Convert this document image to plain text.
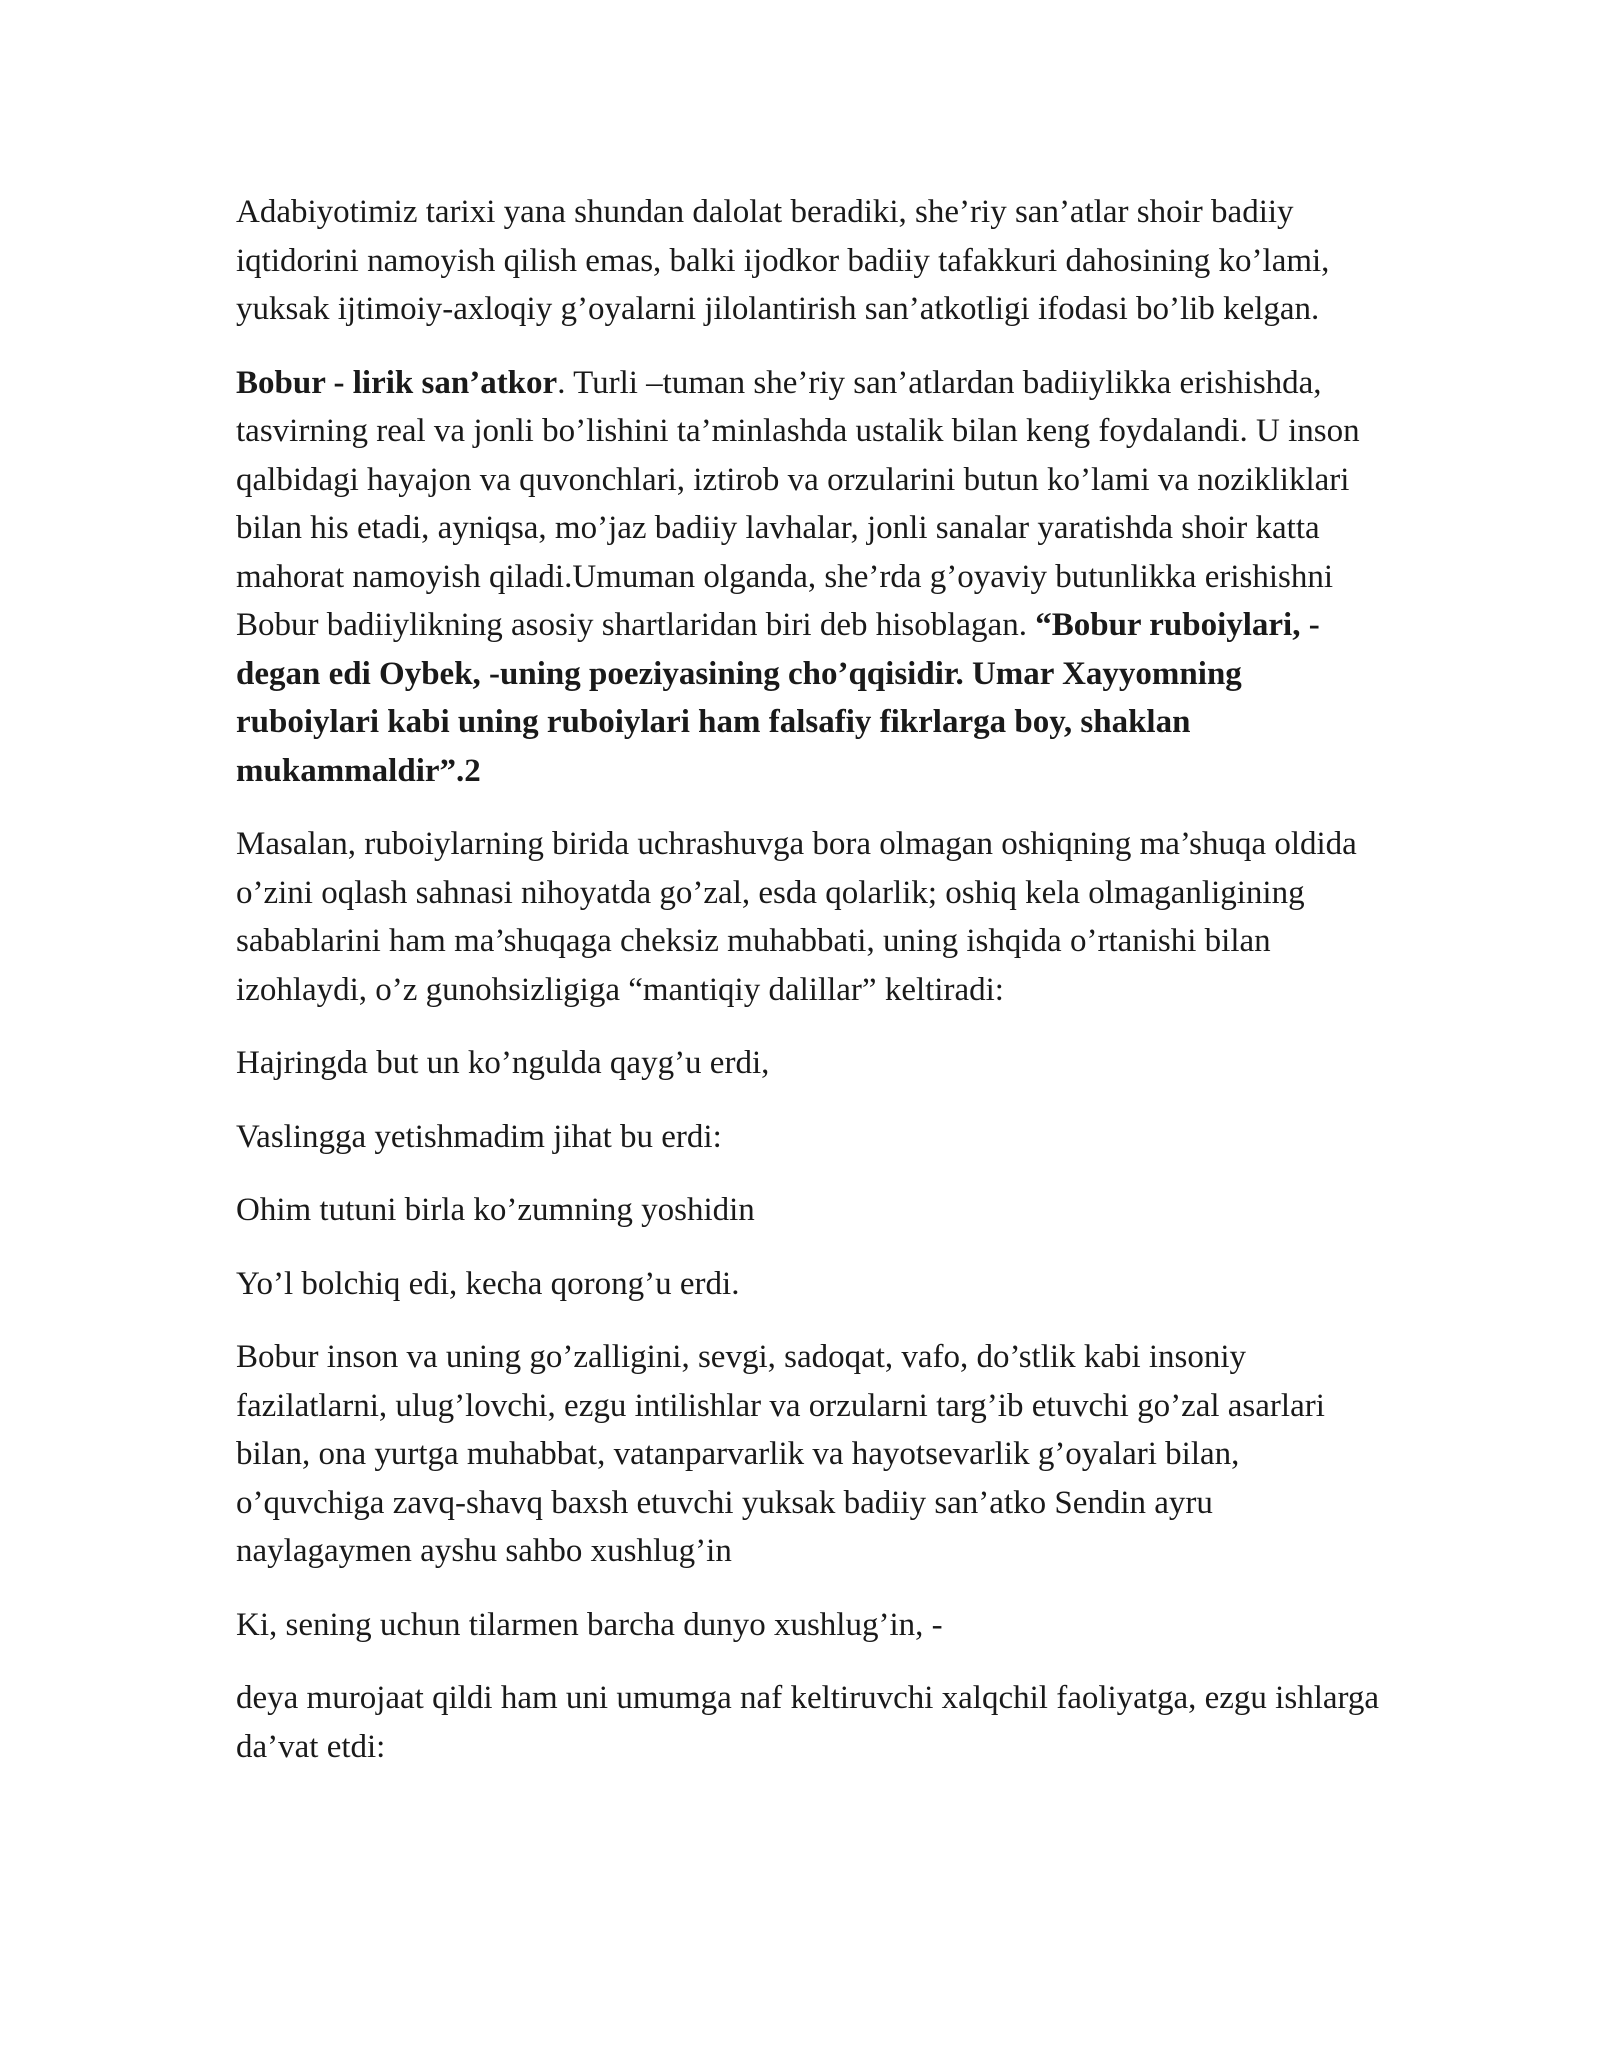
Adabiyotimiz tarixi yana shundan dalolat beradiki, she’riy san’atlar shoir badiiy iqtidorini namoyish qilish emas, balki ijodkor badiiy tafakkuri dahosining ko’lami, yuksak ijtimoiy-axloqiy g’oyalarni jilolantirish san’atkotligi ifodasi bo’lib kelgan.

Bobur - lirik san’atkor. Turli –tuman she’riy san’atlardan badiiylikka erishishda, tasvirning real va jonli bo’lishini ta’minlashda ustalik bilan keng foydalandi. U inson qalbidagi hayajon va quvonchlari, iztirob va orzularini butun ko’lami va nozikliklari bilan his etadi, ayniqsa, mo’jaz badiiy lavhalar, jonli sanalar yaratishda shoir katta mahorat namoyish qiladi.Umuman olganda, she’rda g’oyaviy butunlikka erishishni Bobur badiiylikning asosiy shartlaridan biri deb hisoblagan. “Bobur ruboiylari, - degan edi Oybek, -uning poeziyasining cho’qqisidir. Umar Xayyomning ruboiylari kabi uning ruboiylari ham falsafiy fikrlarga boy, shaklan mukammaldir”.2

Masalan, ruboiylarning birida uchrashuvga bora olmagan oshiqning ma’shuqa oldida o’zini oqlash sahnasi nihoyatda go’zal, esda qolarlik; oshiq kela olmaganligining sabablarini ham ma’shuqaga cheksiz muhabbati, uning ishqida o’rtanishi bilan izohlaydi, o’z gunohsizligiga “mantiqiy dalillar” keltiradi:

Hajringda but un ko’ngulda qayg’u erdi,

Vaslingga yetishmadim jihat bu erdi:

Ohim tutuni birla ko’zumning yoshidin

Yo’l bolchiq edi, kecha qorong’u erdi.

Bobur inson va uning go’zalligini, sevgi, sadoqat, vafo, do’stlik kabi insoniy fazilatlarni, ulug’lovchi, ezgu intilishlar va orzularni targ’ib etuvchi go’zal asarlari bilan, ona yurtga muhabbat, vatanparvarlik va hayotsevarlik g’oyalari bilan, o’quvchiga zavq-shavq baxsh etuvchi yuksak badiiy san’atko Sendin ayru naylagaymen ayshu sahbo xushlug’in

Ki, sening uchun tilarmen barcha dunyo xushlug’in, -

deya murojaat qildi ham uni umumga naf keltiruvchi xalqchil faoliyatga, ezgu ishlarga da’vat etdi:
